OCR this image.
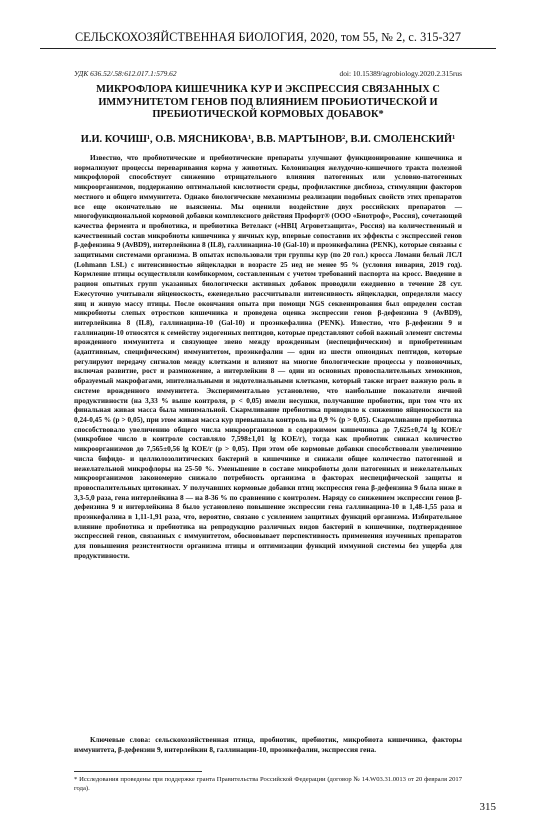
СЕЛЬСКОХОЗЯЙСТВЕННАЯ БИОЛОГИЯ, 2020, том 55, № 2, с. 315-327
УДК 636.52/.58:612.017.1:579.62	doi: 10.15389/agrobiology.2020.2.315rus
МИКРОФЛОРА КИШЕЧНИКА КУР И ЭКСПРЕССИЯ СВЯЗАННЫХ С ИММУНИТЕТОМ ГЕНОВ ПОД ВЛИЯНИЕМ ПРОБИОТИЧЕСКОЙ И ПРЕБИОТИЧЕСКОЙ КОРМОВЫХ ДОБАВОК*
И.И. КОЧИШ¹, О.В. МЯСНИКОВА¹, В.В. МАРТЫНОВ², В.И. СМОЛЕНСКИЙ¹

Известно, что пробиотические и пребиотические препараты улучшают функционирование кишечника и нормализуют процессы переваривания корма у животных. Колонизация желудочно-кишечного тракта полезной микрофлорой способствует снижению отрицательного влияния патогенных или условно-патогенных микроорганизмов, поддержанию оптимальной кислотности среды, профилактике дисбиоза, стимуляции факторов местного и общего иммунитета. Однако биологические механизмы реализации подобных свойств этих препаратов все еще окончательно не выяснены. Мы оценили воздействие двух российских препаратов — многофункциональной кормовой добавки комплексного действия Профорт® (ООО «Биотроф», Россия), сочетающей качества фермента и пробиотика, и пребиотика Ветелакт («НВЦ Агроветзащита», Россия) на количественный и качественный состав микробиоты кишечника у яичных кур, впервые сопоставив их эффекты с экспрессией генов β-дефензина 9 (AvBD9), интерлейкина 8 (IL8), галлинацина-10 (Gal-10) и проэнкефалина (PENK), которые связаны с защитными системами организма. В опытах использовали три группы кур (по 20 гол.) кросса Ломанн белый ЛСЛ (Lohmann LSL) с интенсивностью яйцекладки в возрасте 25 нед не менее 95 % (условия вивария, 2019 год). Кормление птицы осуществляли комбикормом, составленным с учетом требований паспорта на кросс. Введение в рацион опытных групп указанных биологически активных добавок проводили ежедневно в течение 28 сут. Ежесуточно учитывали яйценоскость, еженедельно рассчитывали интенсивность яйцекладки, определяли массу яиц и живую массу птицы. После окончания опыта при помощи NGS секвенирования был определен состав микробиоты слепых отростков кишечника и проведена оценка экспрессии генов β-дефензина 9 (AvBD9), интерлейкина 8 (IL8), галлинацина-10 (Gal-10) и проэнкефалина (PENK). Известно, что β-дефензин 9 и галлинацин-10 относятся к семейству эндогенных пептидов, которые представляют собой важный элемент системы врожденного иммунитета и связующее звено между врожденным (неспецифическим) и приобретенным (адаптивным, специфическим) иммунитетом, проэнкефалин — один из шести опиоидных пептидов, которые регулируют передачу сигналов между клетками и влияют на многие биологические процессы у позвоночных, включая развитие, рост и размножение, а интерлейкин 8 — один из основных провоспалительных хемокинов, образуемый макрофагами, эпителиальными и эндотелиальными клетками, который также играет важную роль в системе врожденного иммунитета. Экспериментально установлено, что наибольшие показатели яичной продуктивности (на 3,33 % выше контроля, р < 0,05) имели несушки, получавшие пробиотик, при том что их финальная живая масса была минимальной. Скармливание пребиотика приводило к снижению яйценоскости на 0,24-0,45 % (р > 0,05), при этом живая масса кур превышала контроль на 0,9 % (р > 0,05). Скармливание пребиотика способствовало увеличению общего числа микроорганизмов в содержимом кишечника до 7,625±0,74 lg КОЕ/г (микробное число в контроле составляло 7,598±1,01 lg КОЕ/г), тогда как пробиотик снижал количество микроорганизмов до 7,565±0,56 lg КОЕ/г (р > 0,05). При этом обе кормовые добавки способствовали увеличению числа бифидо- и целлюлозолитических бактерий в кишечнике и снижали общее количество патогенной и нежелательной микрофлоры на 25-50 %. Уменьшение в составе микробиоты доли патогенных и нежелательных микроорганизмов закономерно снижало потребность организма в факторах неспецифической защиты и провоспалительных цитокинах. У получавших кормовые добавки птиц экспрессия гена β-дефензина 9 была ниже в 3,3-5,0 раза, гена интерлейкина 8 — на 8-36 % по сравнению с контролем. Наряду со снижением экспрессии генов β-дефензина 9 и интерлейкина 8 было установлено повышение экспрессии гена галлинацина-10 в 1,48-1,55 раза и проэнкефалина в 1,11-1,91 раза, что, вероятно, связано с усилением защитных функций организма. Избирательное влияние пробиотика и пребиотика на репродукцию различных видов бактерий в кишечнике, подтвержденное экспрессией генов, связанных с иммунитетом, обосновывает перспективность применения изученных препаратов для повышения резистентности организма птицы и оптимизации функций иммунной системы без ущерба для продуктивности.

Ключевые слова: сельскохозяйственная птица, пробиотик, пребиотик, микробиота кишечника, факторы иммунитета, β-дефензин 9, интерлейкин 8, галлинацин-10, проэнкефалин, экспрессия гена.

* Исследования проведены при поддержке гранта Правительства Российской Федерации (договор № 14.W03.31.0013 от 20 февраля 2017 года).
315
